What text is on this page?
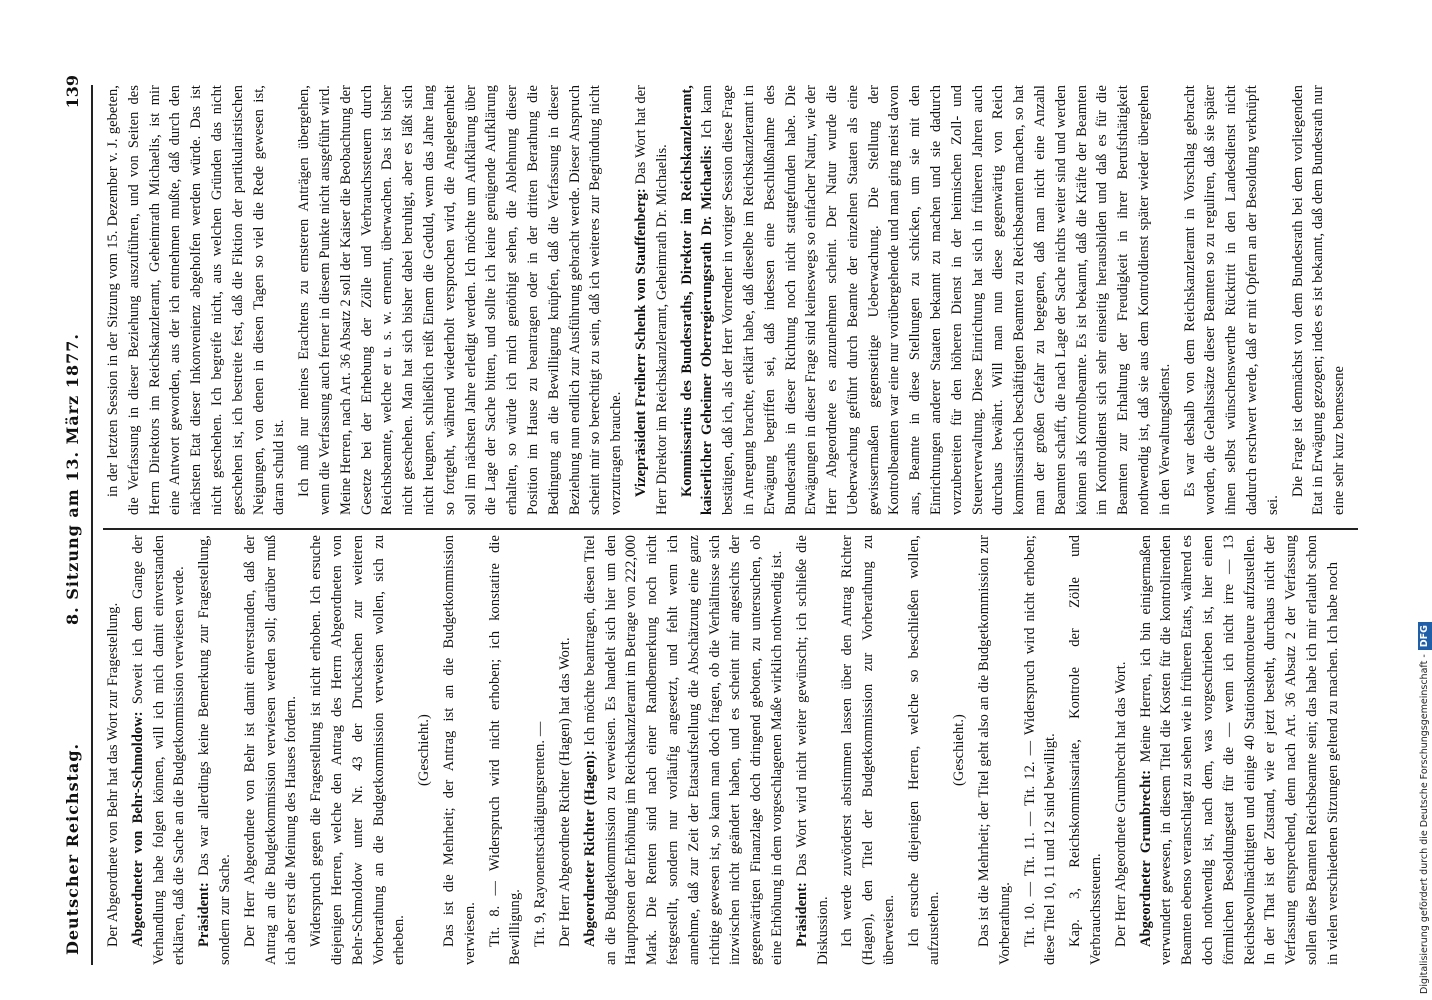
Deutscher Reichstag.
8. Sitzung am 13. März 1877.
139

Der Abgeordnete von Behr hat das Wort zur Fragestellung. Abgeordneter von Behr-Schmoldow: Soweit ich dem Gange der Verhandlung habe folgen können, will ich mich damit einverstanden erklären, daß die Sache an die Budgetkommission verwiesen werde. Präsident: Das war allerdings keine Bemerkung zur Fragestellung, sondern zur Sache. Der Herr Abgeordnete von Behr ist damit einverstanden, daß der Antrag an die Budgetkommission verwiesen werden soll; darüber muß ich aber erst die Meinung des Hauses fordern. Widerspruch gegen die Fragestellung ist nicht erhoben. Ich ersuche diejenigen Herren, welche den Antrag des Herrn Abgeordneten von Behr-Schmoldow unter Nr. 43 der Drucksachen zur weiteren Vorberathung an die Budgetkommission verweisen wollen, sich zu erheben.

(Geschieht.) Das ist die Mehrheit; der Antrag ist an die Budgetkommission verwiesen. Tit. 8. — Widerspruch wird nicht erhoben; ich konstatire die Bewilligung. Tit. 9, Rayonentschädigungsrenten. — Der Herr Abgeordnete Richter (Hagen) hat das Wort. Abgeordneter Richter (Hagen): Ich möchte beantragen, diesen Titel an die Budgetkommission zu verweisen. Es handelt sich hier um den Hauptposten der Erhöhung im Reichskanzleramt im Betrage von 222,000 Mark. Die Renten sind nach einer Randbemerkung noch nicht festgestellt, sondern nur vorläufig angesetzt, und fehlt wenn ich annehme, daß zur Zeit der Etatsaufstellung die Abschätzung eine ganz richtige gewesen ist, so kann man doch fragen, ob die Verhältnisse sich inzwischen nicht geändert haben, und es scheint mir angesichts der gegenwärtigen Finanzlage doch dringend geboten, zu untersuchen, ob eine Erhöhung in dem vorgeschlagenen Maße wirklich nothwendig ist. Präsident: Das Wort wird nicht weiter gewünscht; ich schließe die Diskussion. Ich werde zuvörderst abstimmen lassen über den Antrag Richter (Hagen), den Titel der Budgetkommission zur Vorberathung zu überweisen. Ich ersuche diejenigen Herren, welche so beschließen wollen, aufzustehen.

(Geschieht.) Das ist die Mehrheit; der Titel geht also an die Budgetkommission zur Vorberathung. Tit. 10. — Tit. 11. — Tit. 12. — Widerspruch wird nicht erhoben; diese Titel 10, 11 und 12 sind bewilligt. Kap. 3, Reichskommissariate, Kontrole der Zölle und Verbrauchssteuern. Der Herr Abgeordnete Grumbrecht hat das Wort. Abgeordneter Grumbrecht: Meine Herren, ich bin einigermaßen verwundert gewesen, in diesem Titel die Kosten für die kontrolirenden Beamten ebenso veranschlagt zu sehen wie in früheren Etats, während es doch nothwendig ist, nach dem, was vorgeschrieben ist, hier einen förmlichen Besoldungsetat für die — wenn ich nicht irre — 13 Reichsbevollmächtigten und einige 40 Stationskontroleure aufzustellen. In der That ist der Zustand, wie er jetzt besteht, durchaus nicht der Verfassung entsprechend, denn nach Art. 36 Absatz 2 der Verfassung sollen diese Beamten Reichsbeamte sein; das habe ich mir erlaubt schon in vielen verschiedenen Sitzungen geltend zu machen. Ich habe noch

in der letzten Session in der Sitzung vom 15. Dezember v. J. gebeten, die Verfassung in dieser Beziehung auszuführen, und von Seiten des Herrn Direktors im Reichskanzleramt, Geheimrath Michaelis, ist mir eine Antwort geworden, aus der ich entnehmen mußte, daß durch den nächsten Etat dieser Inkonvenienz abgeholfen werden würde. Das ist nicht geschehen. Ich begreife nicht, aus welchen Gründen das nicht geschehen ist, ich bestreite fest, daß die Fiktion der partikularistischen Neigungen, von denen in diesen Tagen so viel die Rede gewesen ist, daran schuld ist. Ich muß nur meines Erachtens zu ernsteren Anträgen übergehen, wenn die Verfassung auch ferner in diesem Punkte nicht ausgeführt wird. Meine Herren, nach Art. 36 Absatz 2 soll der Kaiser die Beobachtung der Gesetze bei der Erhebung der Zölle und Verbrauchssteuern durch Reichsbeamte, welche er u. s. w. ernennt, überwachen. Das ist bisher nicht geschehen. Man hat sich bisher dabei beruhigt, aber es läßt sich nicht leugnen, schließlich reißt Einem die Geduld, wenn das Jahre lang so fortgeht, während wiederholt versprochen wird, die Angelegenheit soll im nächsten Jahre erledigt werden. Ich möchte um Aufklärung über die Lage der Sache bitten, und sollte ich keine genügende Aufklärung erhalten, so würde ich mich genöthigt sehen, die Ablehnung dieser Position im Hause zu beantragen oder in der dritten Berathung die Bedingung an die Bewilligung knüpfen, daß die Verfassung in dieser Beziehung nun endlich zur Ausführung gebracht werde. Dieser Anspruch scheint mir so berechtigt zu sein, daß ich weiteres zur Begründung nicht vorzutragen brauche. Vizepräsident Freiherr Schenk von Stauffenberg: Das Wort hat der Herr Direktor im Reichskanzleramt, Geheimrath Dr. Michaelis. Kommissarius des Bundesraths, Direktor im Reichskanzleramt, kaiserlicher Geheimer Oberregierungsrath Dr. Michaelis: Ich kann bestätigen, daß ich, als der Herr Vorredner in voriger Session diese Frage in Anregung brachte, erklärt habe, daß dieselbe im Reichskanzleramt in Erwägung begriffen sei, daß indessen eine Beschlußnahme des Bundesraths in dieser Richtung noch nicht stattgefunden habe. Die Erwägungen in dieser Frage sind keineswegs so einfacher Natur, wie der Herr Abgeordnete es anzunehmen scheint. Der Natur wurde die Ueberwachung geführt durch Beamte der einzelnen Staaten als eine gewissermaßen gegenseitige Ueberwachung. Die Stellung der Kontrolbeamten war eine nur vorübergehende und man ging meist davon aus, Beamte in diese Stellungen zu schicken, um sie mit den Einrichtungen anderer Staaten bekannt zu machen und sie dadurch vorzubereiten für den höheren Dienst in der heimischen Zoll- und Steuerverwaltung. Diese Einrichtung hat sich in früheren Jahren auch durchaus bewährt. Will man nun diese gegenwärtig von Reich kommissarisch beschäftigten Beamten zu Reichsbeamten machen, so hat man der großen Gefahr zu begegnen, daß man nicht eine Anzahl Beamten schafft, die nach Lage der Sache nichts weiter sind und werden können als Kontrolbeamte. Es ist bekannt, daß die Kräfte der Beamten im Kontroldienst sich sehr einseitig herausbilden und daß es für die Beamten zur Erhaltung der Freudigkeit in ihrer Berufsthätigkeit nothwendig ist, daß sie aus dem Kontroldienst später wieder übergehen in den Verwaltungsdienst. Es war deshalb von dem Reichskanzleramt in Vorschlag gebracht worden, die Gehaltssätze dieser Beamten so zu reguliren, daß sie später ihnen selbst wünschenswerthe Rücktritt in den Landesdienst nicht dadurch erschwert werde, daß er mit Opfern an der Besoldung verknüpft sei.

Die Frage ist demnächst von dem Bundesrath bei dem vorliegenden Etat in Erwägung gezogen; indes es ist bekannt, daß dem Bundesrath nur eine sehr kurz bemessene

Digitalisierung gefördert durch die Deutsche Forschungsgemeinschaft -DFG
